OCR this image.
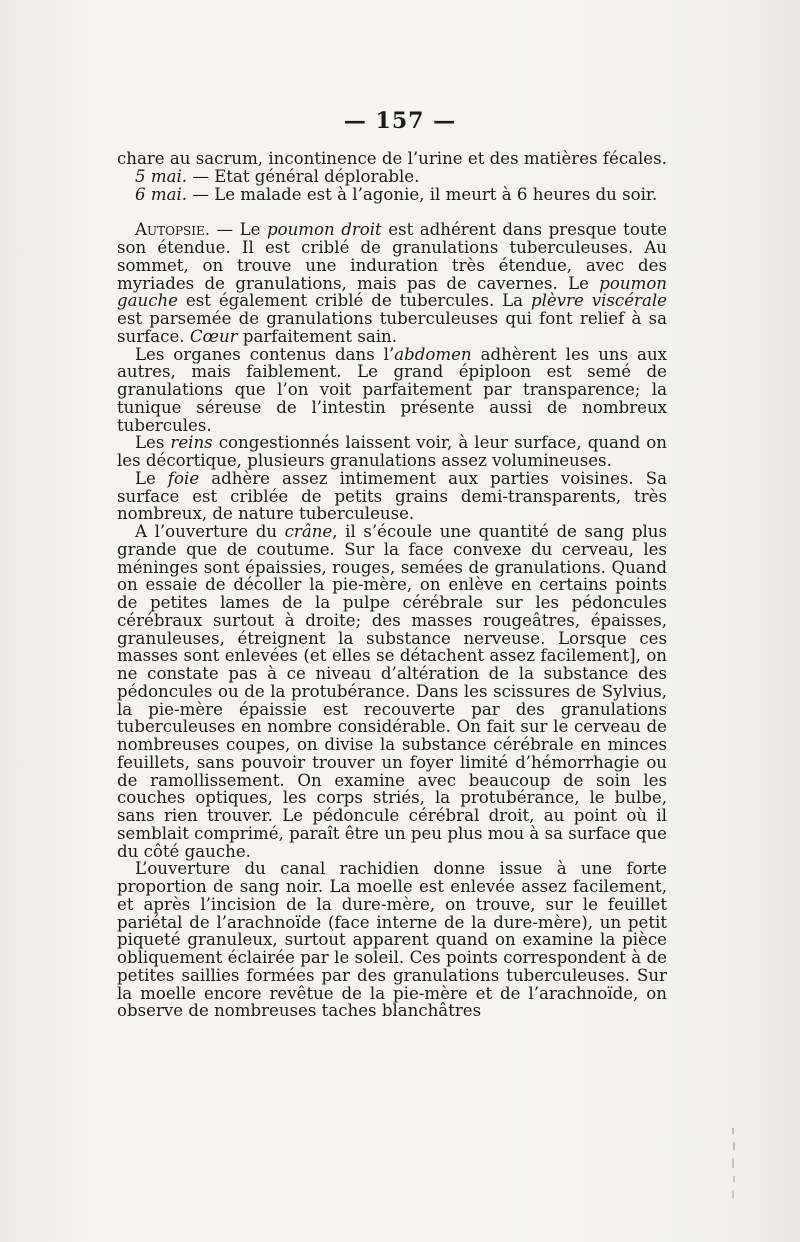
— 157 —

chare au sacrum, incontinence de l’urine et des matières fécales.

5 mai. — Etat général déplorable.

6 mai. — Le malade est à l’agonie, il meurt à 6 heures du soir.

Autopsie. — Le poumon droit est adhérent dans presque toute son étendue. Il est criblé de granulations tuberculeuses. Au sommet, on trouve une induration très étendue, avec des myriades de granulations, mais pas de cavernes. Le poumon gauche est également criblé de tubercules. La plèvre viscérale est parsemée de granulations tuberculeuses qui font relief à sa surface. Cœur parfaitement sain.

Les organes contenus dans l’abdomen adhèrent les uns aux autres, mais faiblement. Le grand épiploon est semé de granulations que l’on voit parfaitement par transparence; la tunique séreuse de l’intestin présente aussi de nombreux tubercules.

Les reins congestionnés laissent voir, à leur surface, quand on les décortique, plusieurs granulations assez volumineuses.

Le foie adhère assez intimement aux parties voisines. Sa surface est criblée de petits grains demi-transparents, très nombreux, de nature tuberculeuse.

A l’ouverture du crâne, il s’écoule une quantité de sang plus grande que de coutume. Sur la face convexe du cerveau, les méninges sont épaissies, rouges, semées de granulations. Quand on essaie de décoller la pie-mère, on enlève en certains points de petites lames de la pulpe cérébrale sur les pédoncules cérébraux surtout à droite; des masses rougeâtres, épaisses, granuleuses, étreignent la substance nerveuse. Lorsque ces masses sont enlevées (et elles se détachent assez facilement], on ne constate pas à ce niveau d’altération de la substance des pédoncules ou de la protubérance. Dans les scissures de Sylvius, la pie-mère épaissie est recouverte par des granulations tuberculeuses en nombre considérable. On fait sur le cerveau de nombreuses coupes, on divise la substance cérébrale en minces feuillets, sans pouvoir trouver un foyer limité d’hémorrhagie ou de ramollissement. On examine avec beaucoup de soin les couches optiques, les corps striés, la protubérance, le bulbe, sans rien trouver. Le pédoncule cérébral droit, au point où il semblait comprimé, paraît être un peu plus mou à sa surface que du côté gauche.

L’ouverture du canal rachidien donne issue à une forte proportion de sang noir. La moelle est enlevée assez facilement, et après l’incision de la dure-mère, on trouve, sur le feuillet pariétal de l’arachnoïde (face interne de la dure-mère), un petit piqueté granuleux, surtout apparent quand on examine la pièce obliquement éclairée par le soleil. Ces points correspondent à de petites saillies formées par des granulations tuberculeuses. Sur la moelle encore revêtue de la pie-mère et de l’arachnoïde, on observe de nombreuses taches blanchâtres
